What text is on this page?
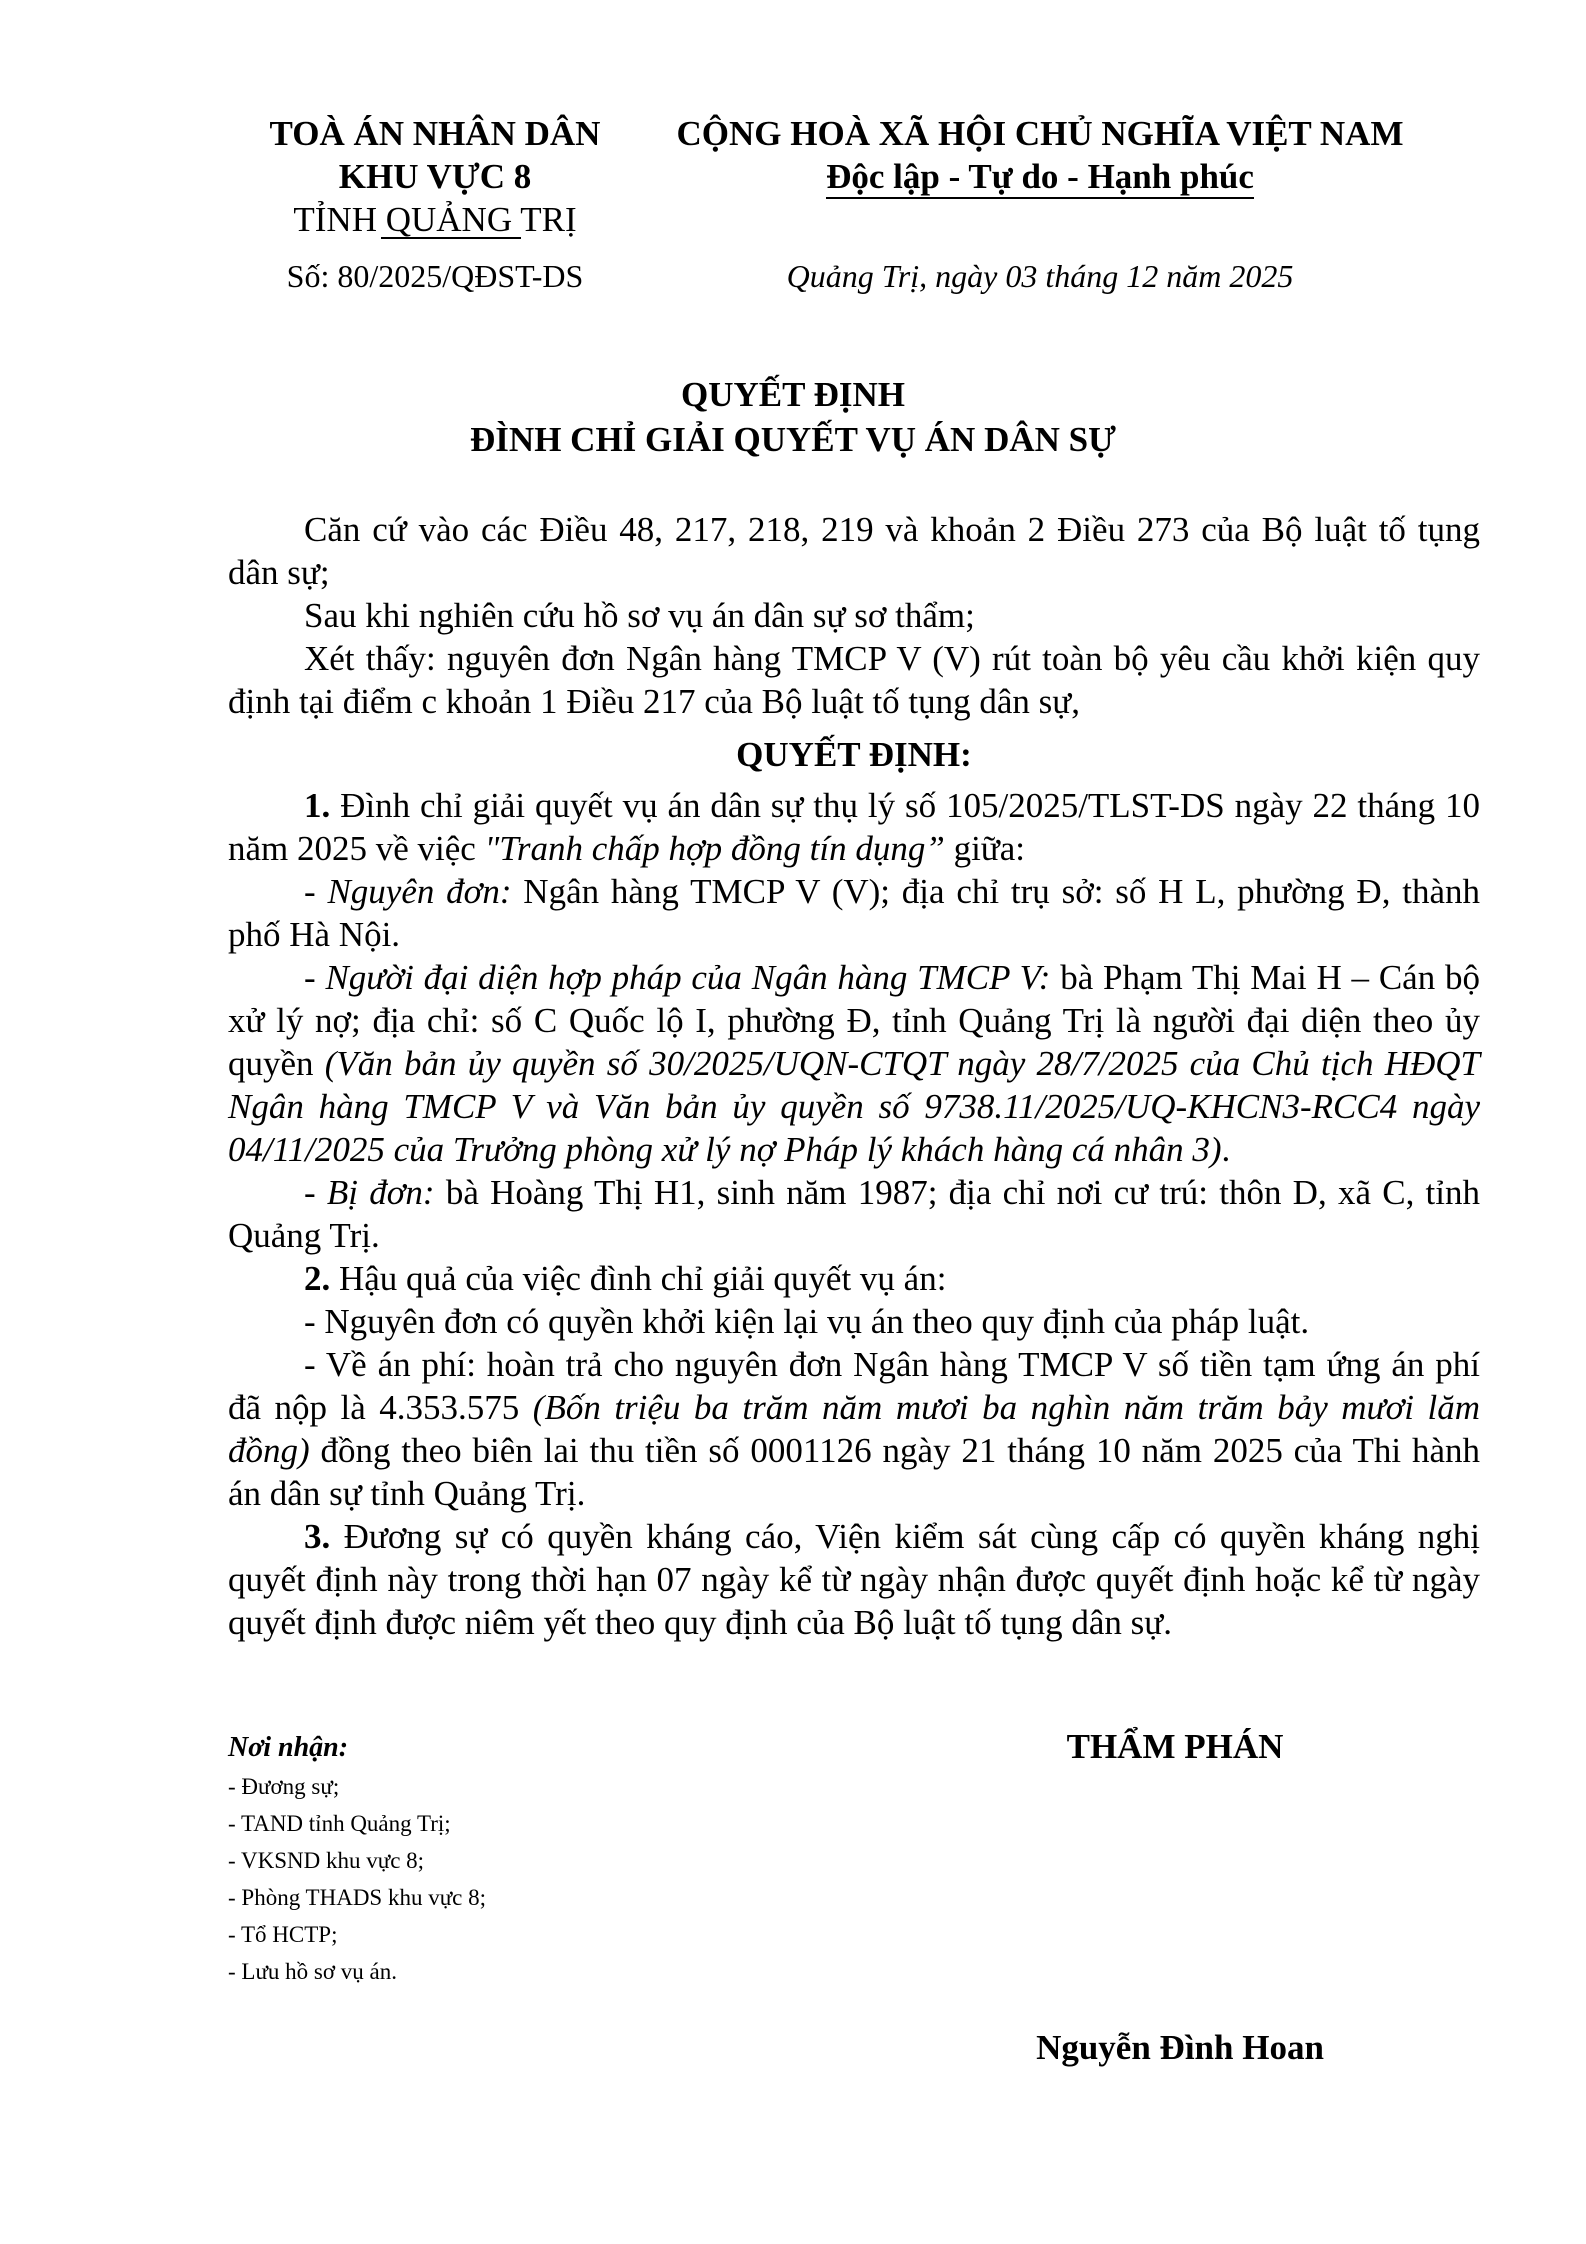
TOÀ ÁN NHÂN DÂN
KHU VỰC 8
TỈNH QUẢNG TRỊ
CỘNG HOÀ XÃ HỘI CHỦ NGHĨA VIỆT NAM
Độc lập - Tự do - Hạnh phúc
Số: 80/2025/QĐST-DS	Quảng Trị, ngày 03 tháng 12 năm 2025
QUYẾT ĐỊNH
ĐÌNH CHỈ GIẢI QUYẾT VỤ ÁN DÂN SỰ

Căn cứ vào các Điều 48, 217, 218, 219 và khoản 2 Điều 273 của Bộ luật tố tụng dân sự;

Sau khi nghiên cứu hồ sơ vụ án dân sự sơ thẩm;

Xét thấy: nguyên đơn Ngân hàng TMCP V (V) rút toàn bộ yêu cầu khởi kiện quy định tại điểm c khoản 1 Điều 217 của Bộ luật tố tụng dân sự,

QUYẾT ĐỊNH:

1. Đình chỉ giải quyết vụ án dân sự thụ lý số 105/2025/TLST-DS ngày 22 tháng 10 năm 2025 về việc "Tranh chấp hợp đồng tín dụng” giữa:

- Nguyên đơn: Ngân hàng TMCP V (V); địa chỉ trụ sở: số H L, phường Đ, thành phố Hà Nội.

- Người đại diện hợp pháp của Ngân hàng TMCP V: bà Phạm Thị Mai H – Cán bộ xử lý nợ; địa chỉ: số C Quốc lộ I, phường Đ, tỉnh Quảng Trị là người đại diện theo ủy quyền (Văn bản ủy quyền số 30/2025/UQN-CTQT ngày 28/7/2025 của Chủ tịch HĐQT Ngân hàng TMCP V và Văn bản ủy quyền số 9738.11/2025/UQ-KHCN3-RCC4 ngày 04/11/2025 của Trưởng phòng xử lý nợ Pháp lý khách hàng cá nhân 3).

- Bị đơn: bà Hoàng Thị H1, sinh năm 1987; địa chỉ nơi cư trú: thôn D, xã C, tỉnh Quảng Trị.

2. Hậu quả của việc đình chỉ giải quyết vụ án:

- Nguyên đơn có quyền khởi kiện lại vụ án theo quy định của pháp luật.

- Về án phí: hoàn trả cho nguyên đơn Ngân hàng TMCP V số tiền tạm ứng án phí đã nộp là 4.353.575 (Bốn triệu ba trăm năm mươi ba nghìn năm trăm bảy mươi lăm đồng) đồng theo biên lai thu tiền số 0001126 ngày 21 tháng 10 năm 2025 của Thi hành án dân sự tỉnh Quảng Trị.

3. Đương sự có quyền kháng cáo, Viện kiểm sát cùng cấp có quyền kháng nghị quyết định này trong thời hạn 07 ngày kể từ ngày nhận được quyết định hoặc kể từ ngày quyết định được niêm yết theo quy định của Bộ luật tố tụng dân sự.

Nơi nhận:
- Đương sự;
- TAND tỉnh Quảng Trị;
- VKSND khu vực 8;
- Phòng THADS khu vực 8;
- Tổ HCTP;
- Lưu hồ sơ vụ án.
THẨM PHÁN
Nguyễn Đình Hoan
